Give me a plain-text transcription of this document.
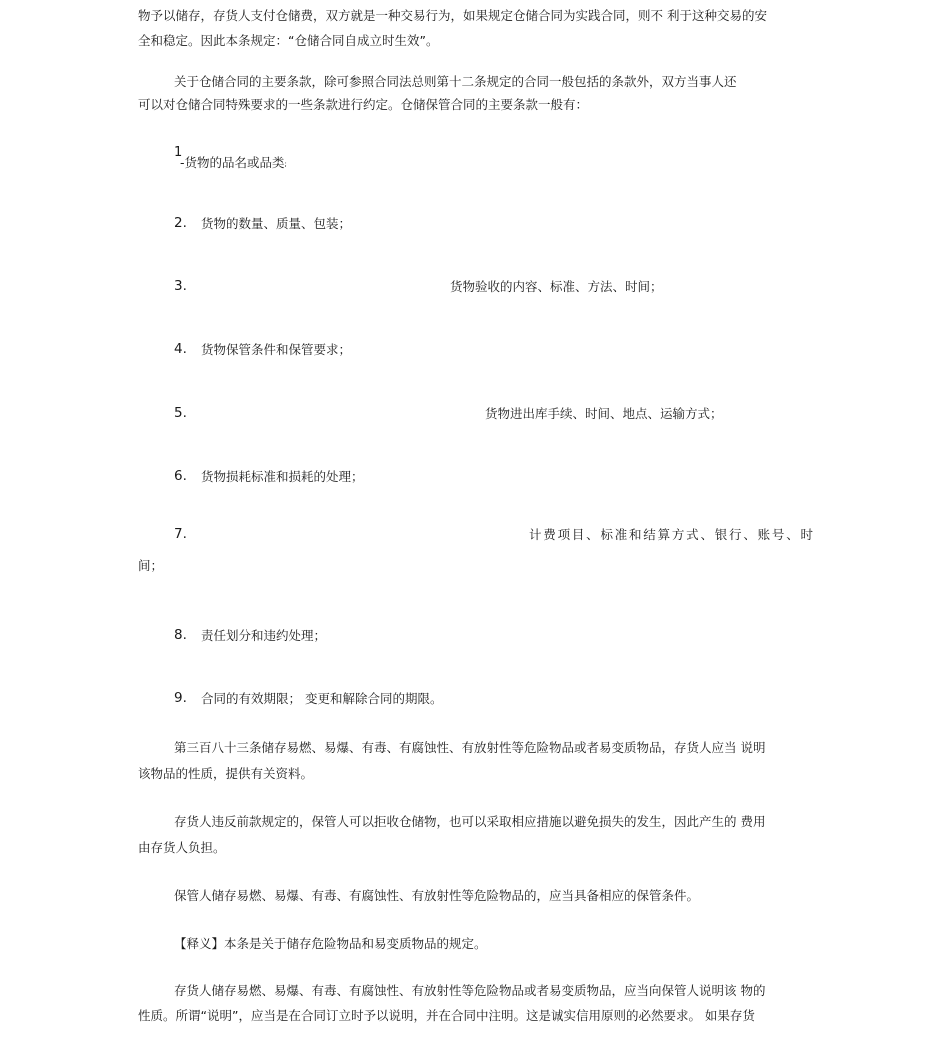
物予以储存，存货人支付仓储费，双方就是一种交易行为，如果规定仓储合同为实践合同，则不 利于这种交易的安
全和稳定。因此本条规定：“仓储合同自成立时生效”。
关于仓储合同的主要条款，除可参照合同法总则第十二条规定的合同一般包括的条款外，双方当事人还
可以对仓储合同特殊要求的一些条款进行约定。仓储保管合同的主要条款一般有：
1
-货物的品名或品类;
2. 货物的数量、质量、包装；
3.	货物验收的内容、标准、方法、时间；
4. 货物保管条件和保管要求；
5.	货物进出库手续、时间、地点、运输方式；
6. 货物损耗标准和损耗的处理；
7.	计费项目、标准和结算方式、银行、账号、时
间；
8. 责任划分和违约处理；
9. 合同的有效期限； 变更和解除合同的期限。
第三百八十三条储存易燃、易爆、有毒、有腐蚀性、有放射性等危险物品或者易变质物品，存货人应当 说明
该物品的性质，提供有关资料。
存货人违反前款规定的，保管人可以拒收仓储物，也可以采取相应措施以避免损失的发生，因此产生的 费用
由存货人负担。
保管人储存易燃、易爆、有毒、有腐蚀性、有放射性等危险物品的，应当具备相应的保管条件。
【释义】本条是关于储存危险物品和易变质物品的规定。
存货人储存易燃、易爆、有毒、有腐蚀性、有放射性等危险物品或者易变质物品，应当向保管人说明该 物的
性质。所谓“说明”，应当是在合同订立时予以说明，并在合同中注明。这是诚实信用原则的必然要求。 如果存货
